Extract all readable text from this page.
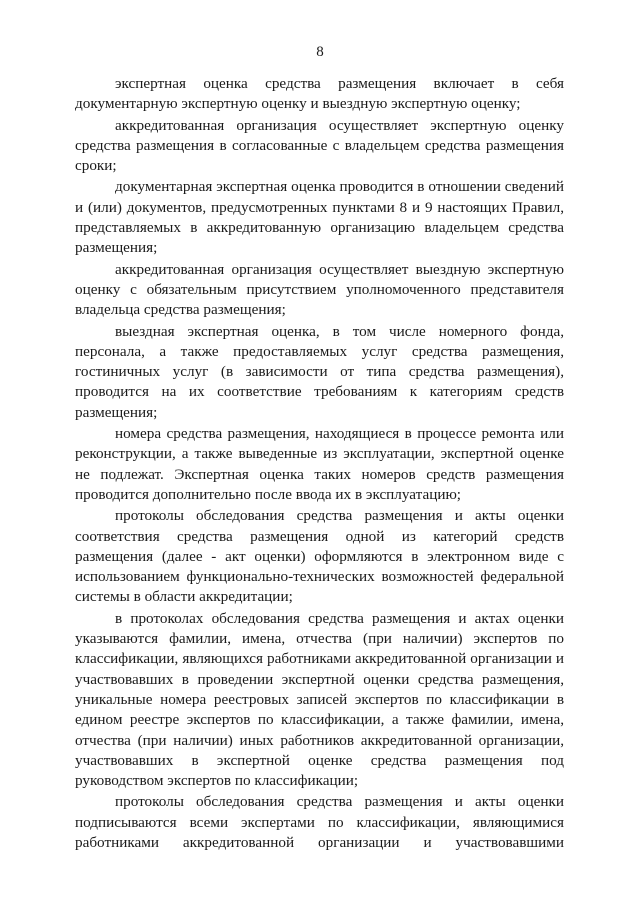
8

экспертная оценка средства размещения включает в себя документарную экспертную оценку и выездную экспертную оценку;

аккредитованная организация осуществляет экспертную оценку средства размещения в согласованные с владельцем средства размещения сроки;

документарная экспертная оценка проводится в отношении сведений и (или) документов, предусмотренных пунктами 8 и 9 настоящих Правил, представляемых в аккредитованную организацию владельцем средства размещения;

аккредитованная организация осуществляет выездную экспертную оценку с обязательным присутствием уполномоченного представителя владельца средства размещения;

выездная экспертная оценка, в том числе номерного фонда, персонала, а также предоставляемых услуг средства размещения, гостиничных услуг (в зависимости от типа средства размещения), проводится на их соответствие требованиям к категориям средств размещения;

номера средства размещения, находящиеся в процессе ремонта или реконструкции, а также выведенные из эксплуатации, экспертной оценке не подлежат. Экспертная оценка таких номеров средств размещения проводится дополнительно после ввода их в эксплуатацию;

протоколы обследования средства размещения и акты оценки соответствия средства размещения одной из категорий средств размещения (далее - акт оценки) оформляются в электронном виде с использованием функционально-технических возможностей федеральной системы в области аккредитации;

в протоколах обследования средства размещения и актах оценки указываются фамилии, имена, отчества (при наличии) экспертов по классификации, являющихся работниками аккредитованной организации и участвовавших в проведении экспертной оценки средства размещения, уникальные номера реестровых записей экспертов по классификации в едином реестре экспертов по классификации, а также фамилии, имена, отчества (при наличии) иных работников аккредитованной организации, участвовавших в экспертной оценке средства размещения под руководством экспертов по классификации;

протоколы обследования средства размещения и акты оценки подписываются всеми экспертами по классификации, являющимися работниками аккредитованной организации и участвовавшими
